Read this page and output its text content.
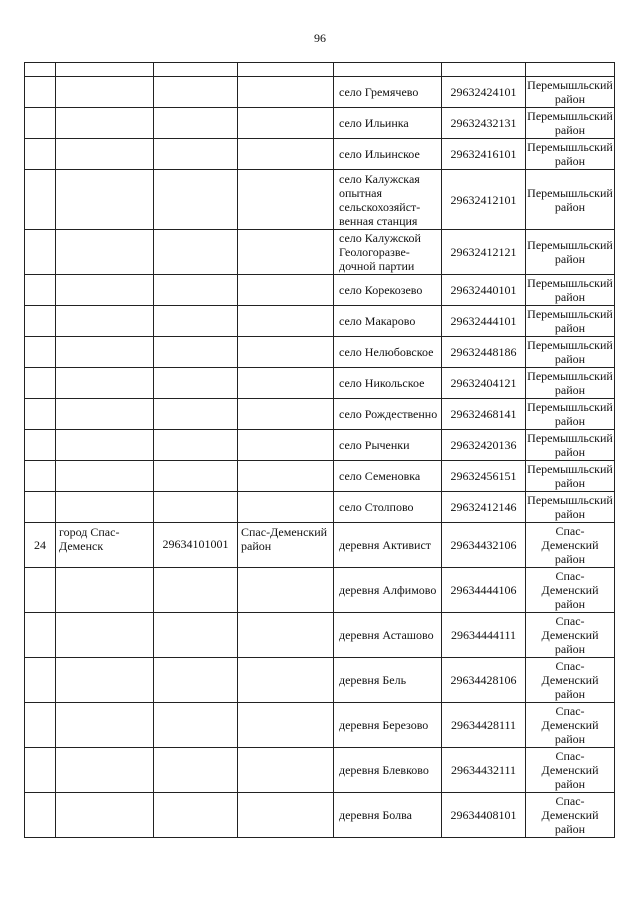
96

				село Гремячево	29632424101	Перемышльский район
				село Ильинка	29632432131	Перемышльский район
				село Ильинское	29632416101	Перемышльский район
				село Калужская опытная сельскохозяйст-венная станция	29632412101	Перемышльский район
				село Калужской Геологоразве-дочной партии	29632412121	Перемышльский район
				село Корекозево	29632440101	Перемышльский район
				село Макарово	29632444101	Перемышльский район
				село Нелюбовское	29632448186	Перемышльский район
				село Никольское	29632404121	Перемышльский район
				село Рождественно	29632468141	Перемышльский район
				село Рыченки	29632420136	Перемышльский район
				село Семеновка	29632456151	Перемышльский район
				село Столпово	29632412146	Перемышльский район
24	город Спас-Деменск	29634101001	Спас-Деменский район	деревня Активист	29634432106	Спас-Деменский район
				деревня Алфимово	29634444106	Спас-Деменский район
				деревня Асташово	29634444111	Спас-Деменский район
				деревня Бель	29634428106	Спас-Деменский район
				деревня Березово	29634428111	Спас-Деменский район
				деревня Блевково	29634432111	Спас-Деменский район
				деревня Болва	29634408101	Спас-Деменский район
